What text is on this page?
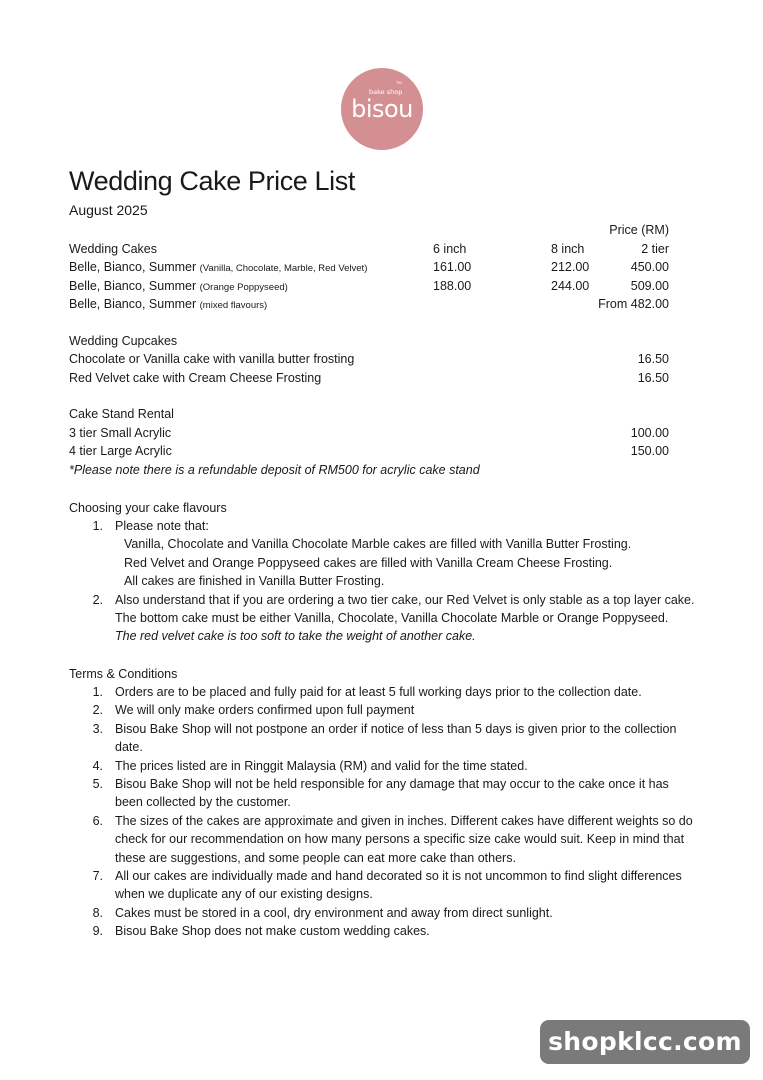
TM
bake shop
bisou
Wedding Cake Price List
August 2025
Price (RM)
Wedding Cakes	6 inch	8 inch	2 tier
Belle, Bianco, Summer (Vanilla, Chocolate, Marble, Red Velvet)	161.00	212.00	450.00
Belle, Bianco, Summer (Orange Poppyseed)	188.00	244.00	509.00
Belle, Bianco, Summer (mixed flavours)	From 482.00
Wedding Cupcakes
Chocolate or Vanilla cake with vanilla butter frosting	16.50
Red Velvet cake with Cream Cheese Frosting	16.50
Cake Stand Rental
3 tier Small Acrylic	100.00
4 tier Large Acrylic	150.00
*Please note there is a refundable deposit of RM500 for acrylic cake stand
Choosing your cake flavours
1. Please note that:
Vanilla, Chocolate and Vanilla Chocolate Marble cakes are filled with Vanilla Butter Frosting.
Red Velvet and Orange Poppyseed cakes are filled with Vanilla Cream Cheese Frosting.
All cakes are finished in Vanilla Butter Frosting.
2. Also understand that if you are ordering a two tier cake, our Red Velvet is only stable as a top layer cake.
The bottom cake must be either Vanilla, Chocolate, Vanilla Chocolate Marble or Orange Poppyseed.
The red velvet cake is too soft to take the weight of another cake.
Terms & Conditions
1. Orders are to be placed and fully paid for at least 5 full working days prior to the collection date.
2. We will only make orders confirmed upon full payment
3. Bisou Bake Shop will not postpone an order if notice of less than 5 days is given prior to the collection date.
4. The prices listed are in Ringgit Malaysia (RM) and valid for the time stated.
5. Bisou Bake Shop will not be held responsible for any damage that may occur to the cake once it has been collected by the customer.
6. The sizes of the cakes are approximate and given in inches. Different cakes have different weights so do check for our recommendation on how many persons a specific size cake would suit. Keep in mind that these are suggestions, and some people can eat more cake than others.
7. All our cakes are individually made and hand decorated so it is not uncommon to find slight differences when we duplicate any of our existing designs.
8. Cakes must be stored in a cool, dry environment and away from direct sunlight.
9. Bisou Bake Shop does not make custom wedding cakes.
shopklcc.com
